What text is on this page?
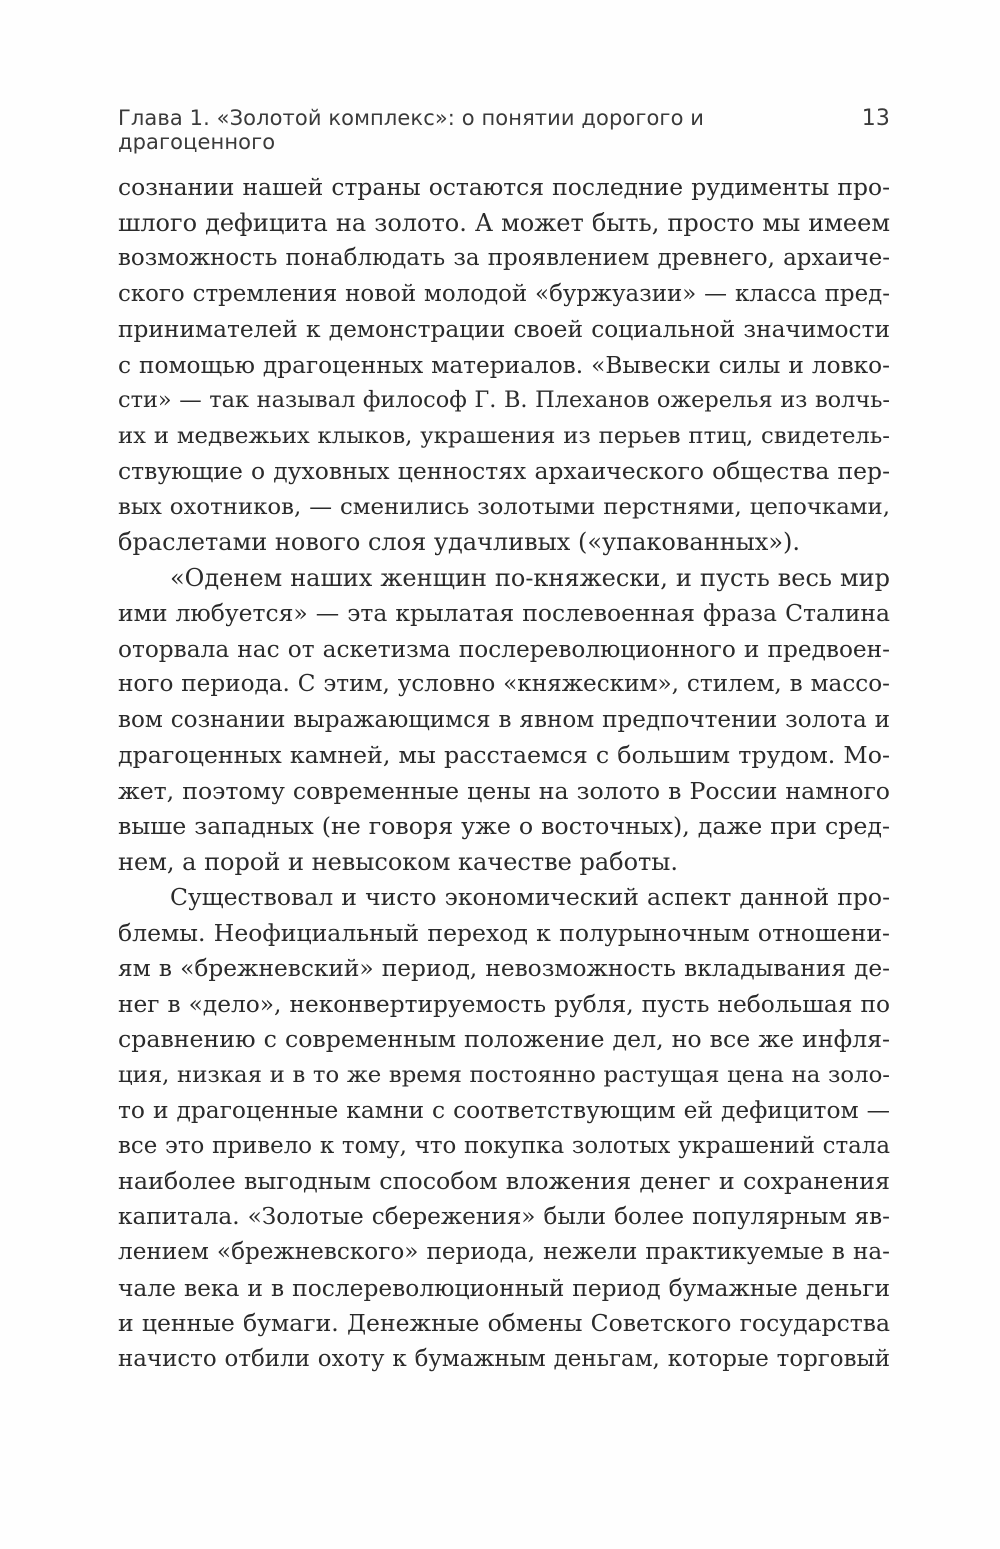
Глава 1. «Золотой комплекс»: о понятии дорогого и драгоценного
13
сознании нашей страны остаются последние рудименты про-
шлого дефицита на золото. А может быть, просто мы имеем
возможность понаблюдать за проявлением древнего, архаиче-
ского стремления новой молодой «буржуазии» — класса пред-
принимателей к демонстрации своей социальной значимости
с помощью драгоценных материалов. «Вывески силы и ловко-
сти» — так называл философ Г. В. Плеханов ожерелья из волчь-
их и медвежьих клыков, украшения из перьев птиц, свидетель-
ствующие о духовных ценностях архаического общества пер-
вых охотников, — сменились золотыми перстнями, цепочками,
браслетами нового слоя удачливых («упакованных»).
«Оденем наших женщин по-княжески, и пусть весь мир
ими любуется» — эта крылатая послевоенная фраза Сталина
оторвала нас от аскетизма послереволюционного и предвоен-
ного периода. С этим, условно «княжеским», стилем, в массо-
вом сознании выражающимся в явном предпочтении золота и
драгоценных камней, мы расстаемся с большим трудом. Мо-
жет, поэтому современные цены на золото в России намного
выше западных (не говоря уже о восточных), даже при сред-
нем, а порой и невысоком качестве работы.
Существовал и чисто экономический аспект данной про-
блемы. Неофициальный переход к полурыночным отношени-
ям в «брежневский» период, невозможность вкладывания де-
нег в «дело», неконвертируемость рубля, пусть небольшая по
сравнению с современным положение дел, но все же инфля-
ция, низкая и в то же время постоянно растущая цена на золо-
то и драгоценные камни с соответствующим ей дефицитом —
все это привело к тому, что покупка золотых украшений стала
наиболее выгодным способом вложения денег и сохранения
капитала. «Золотые сбережения» были более популярным яв-
лением «брежневского» периода, нежели практикуемые в на-
чале века и в послереволюционный период бумажные деньги
и ценные бумаги. Денежные обмены Советского государства
начисто отбили охоту к бумажным деньгам, которые торговый
